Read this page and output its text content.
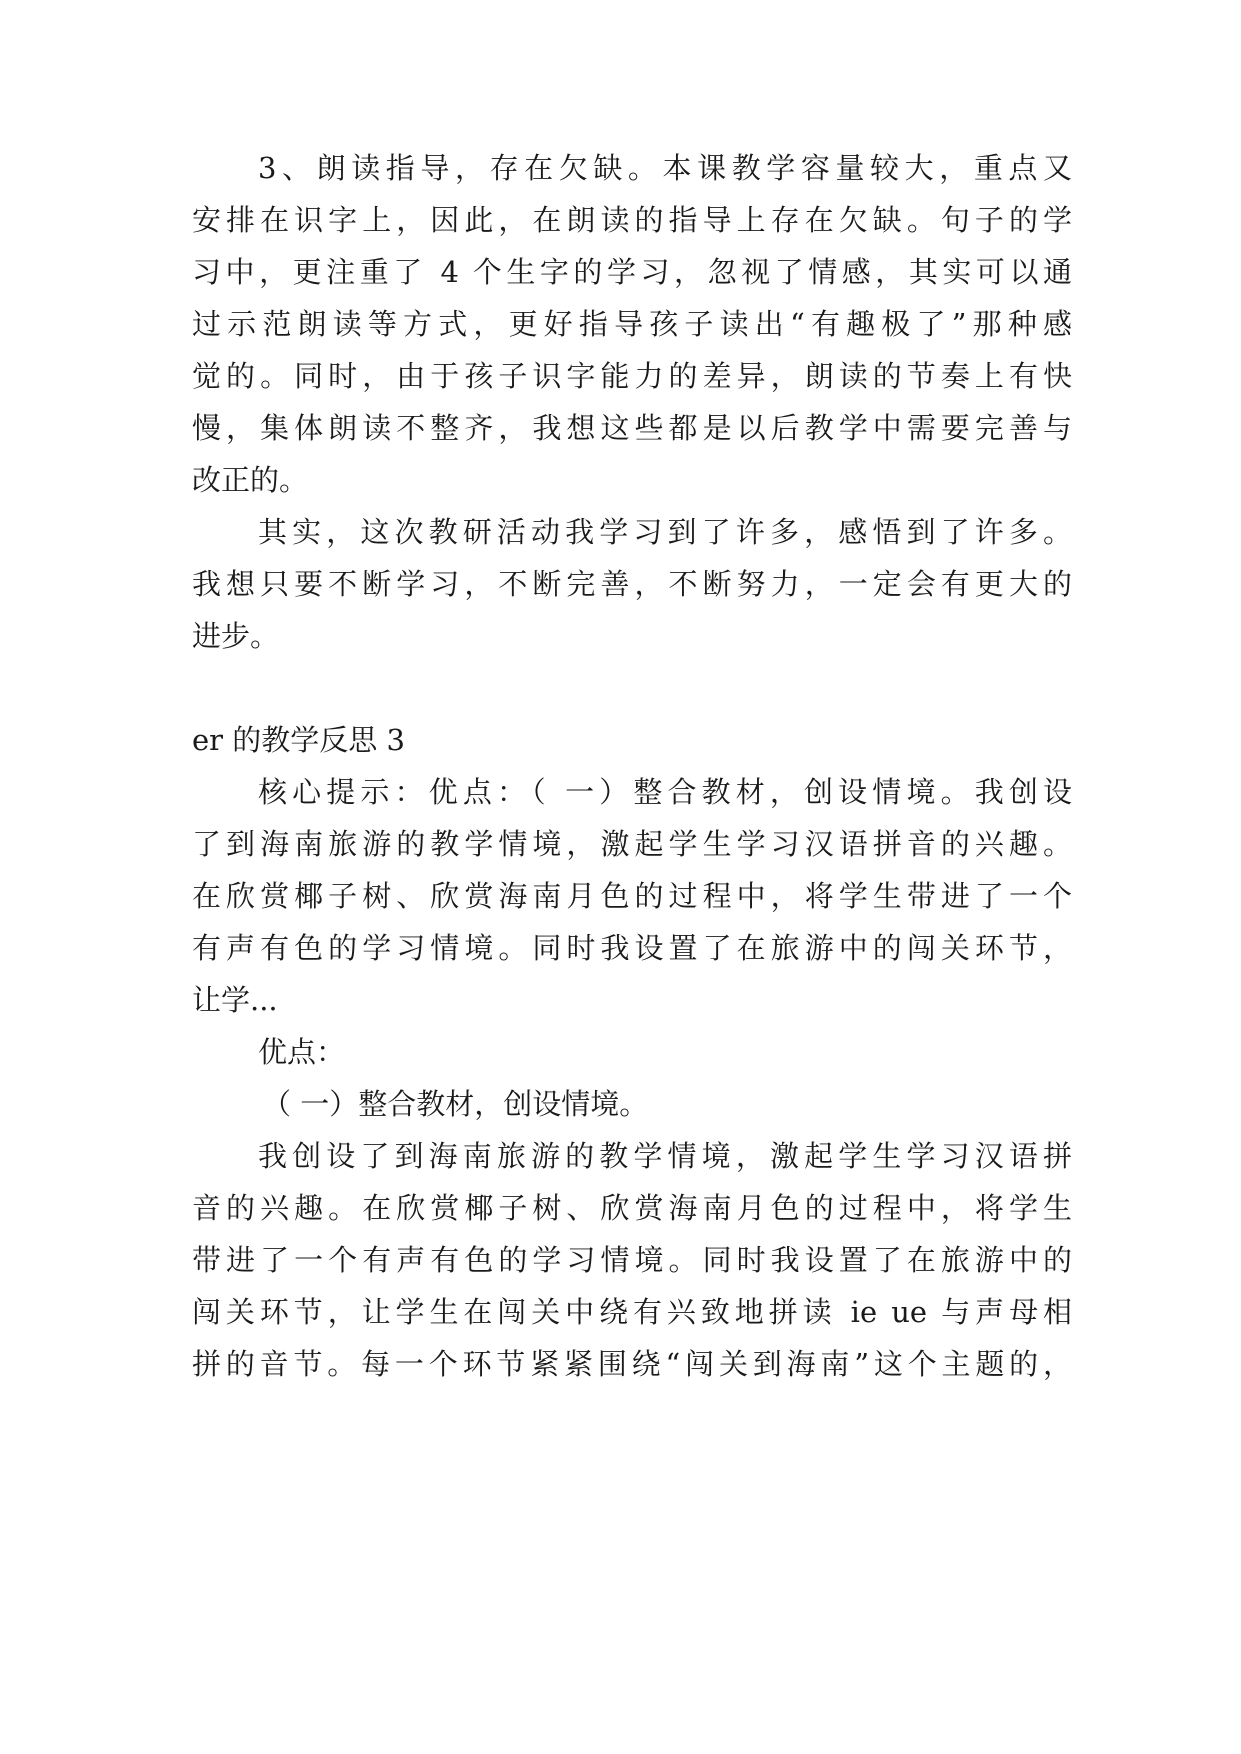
3、朗读指导，存在欠缺。本课教学容量较大，重点又
安排在识字上，因此，在朗读的指导上存在欠缺。句子的学
习中，更注重了 4 个生字的学习，忽视了情感，其实可以通
过示范朗读等方式，更好指导孩子读出“有趣极了”那种感
觉的。同时，由于孩子识字能力的差异，朗读的节奏上有快
慢，集体朗读不整齐，我想这些都是以后教学中需要完善与
改正的。
其实，这次教研活动我学习到了许多，感悟到了许多。
我想只要不断学习，不断完善，不断努力，一定会有更大的
进步。
er 的教学反思 3
核心提示：优点：（ 一）整合教材，创设情境。我创设
了到海南旅游的教学情境，激起学生学习汉语拼音的兴趣。
在欣赏椰子树、欣赏海南月色的过程中，将学生带进了一个
有声有色的学习情境。同时我设置了在旅游中的闯关环节，
让学...
优点：
（ 一）整合教材，创设情境。
我创设了到海南旅游的教学情境，激起学生学习汉语拼
音的兴趣。在欣赏椰子树、欣赏海南月色的过程中，将学生
带进了一个有声有色的学习情境。同时我设置了在旅游中的
闯关环节，让学生在闯关中绕有兴致地拼读 ie ue 与声母相
拼的音节。每一个环节紧紧围绕“闯关到海南”这个主题的，
